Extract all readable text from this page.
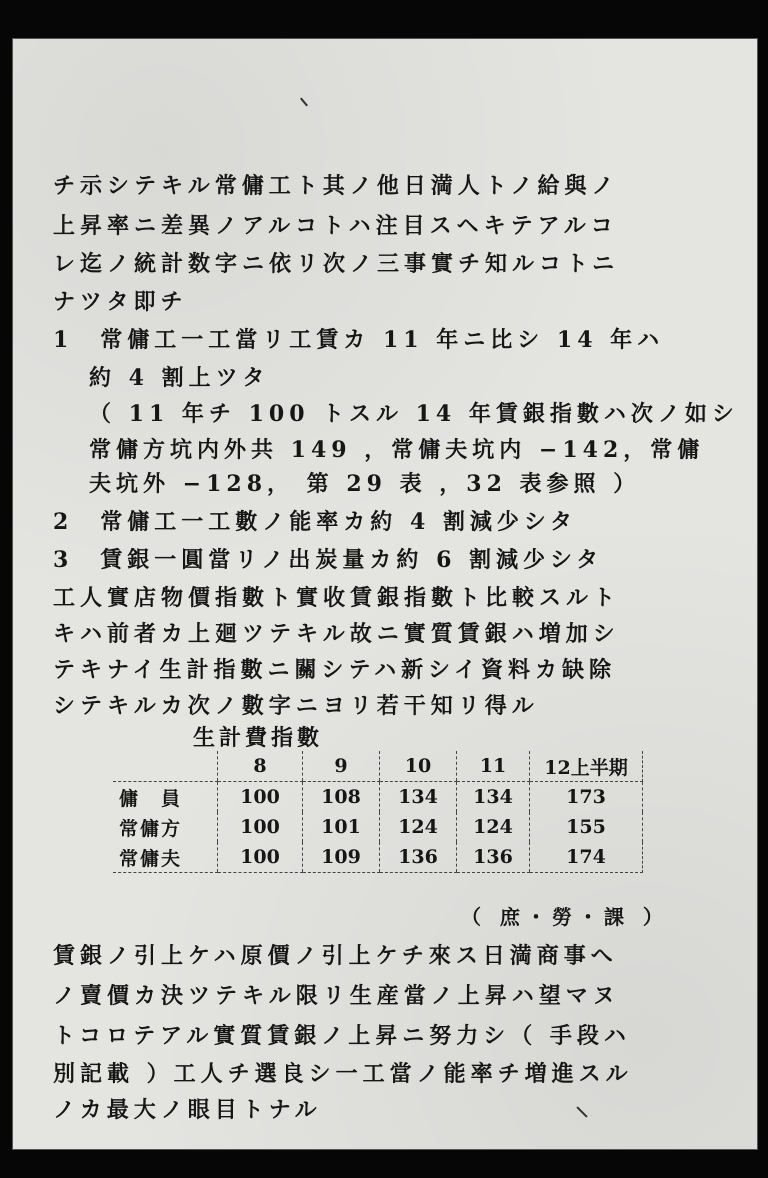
チ示シテキル常傭工ト其ノ他日満人トノ給與ノ
上昇率ニ差異ノアルコトハ注目スヘキテアルコ
レ迄ノ統計数字ニ依リ次ノ三事實チ知ルコトニ
ナツタ即チ
1　常傭工一工當リ工賃カ 11 年ニ比シ 14 年ハ
約 4 割上ツタ
（ 11 年チ 100 トスル 14 年賃銀指數ハ次ノ如シ
常傭方坑内外共 149 ，常傭夫坑内 −142，常傭
夫坑外 −128， 第 29 表 ，32 表参照 ）
2　常傭工一工數ノ能率カ約 4 割減少シタ
3　賃銀一圓當リノ出炭量カ約 6 割減少シタ
工人實店物價指數ト實收賃銀指數ト比較スルト
キハ前者カ上廻ツテキル故ニ實質賃銀ハ増加シ
テキナイ生計指數ニ關シテハ新シイ資料カ缺除
シテキルカ次ノ數字ニヨリ若干知リ得ル
生計費指數
	8	9	10	11	12上半期
傭　員	100	108	134	134	173
常傭方	100	101	124	124	155
常傭夫	100	109	136	136	174
（ 庶・勞・課 ）
賃銀ノ引上ケハ原價ノ引上ケチ來ス日満商事へ
ノ賣價カ決ツテキル限リ生産當ノ上昇ハ望マヌ
トコロテアル實質賃銀ノ上昇ニ努力シ（ 手段ハ
別記載 ）工人チ選良シ一工當ノ能率チ増進スル
ノカ最大ノ眼目トナル
